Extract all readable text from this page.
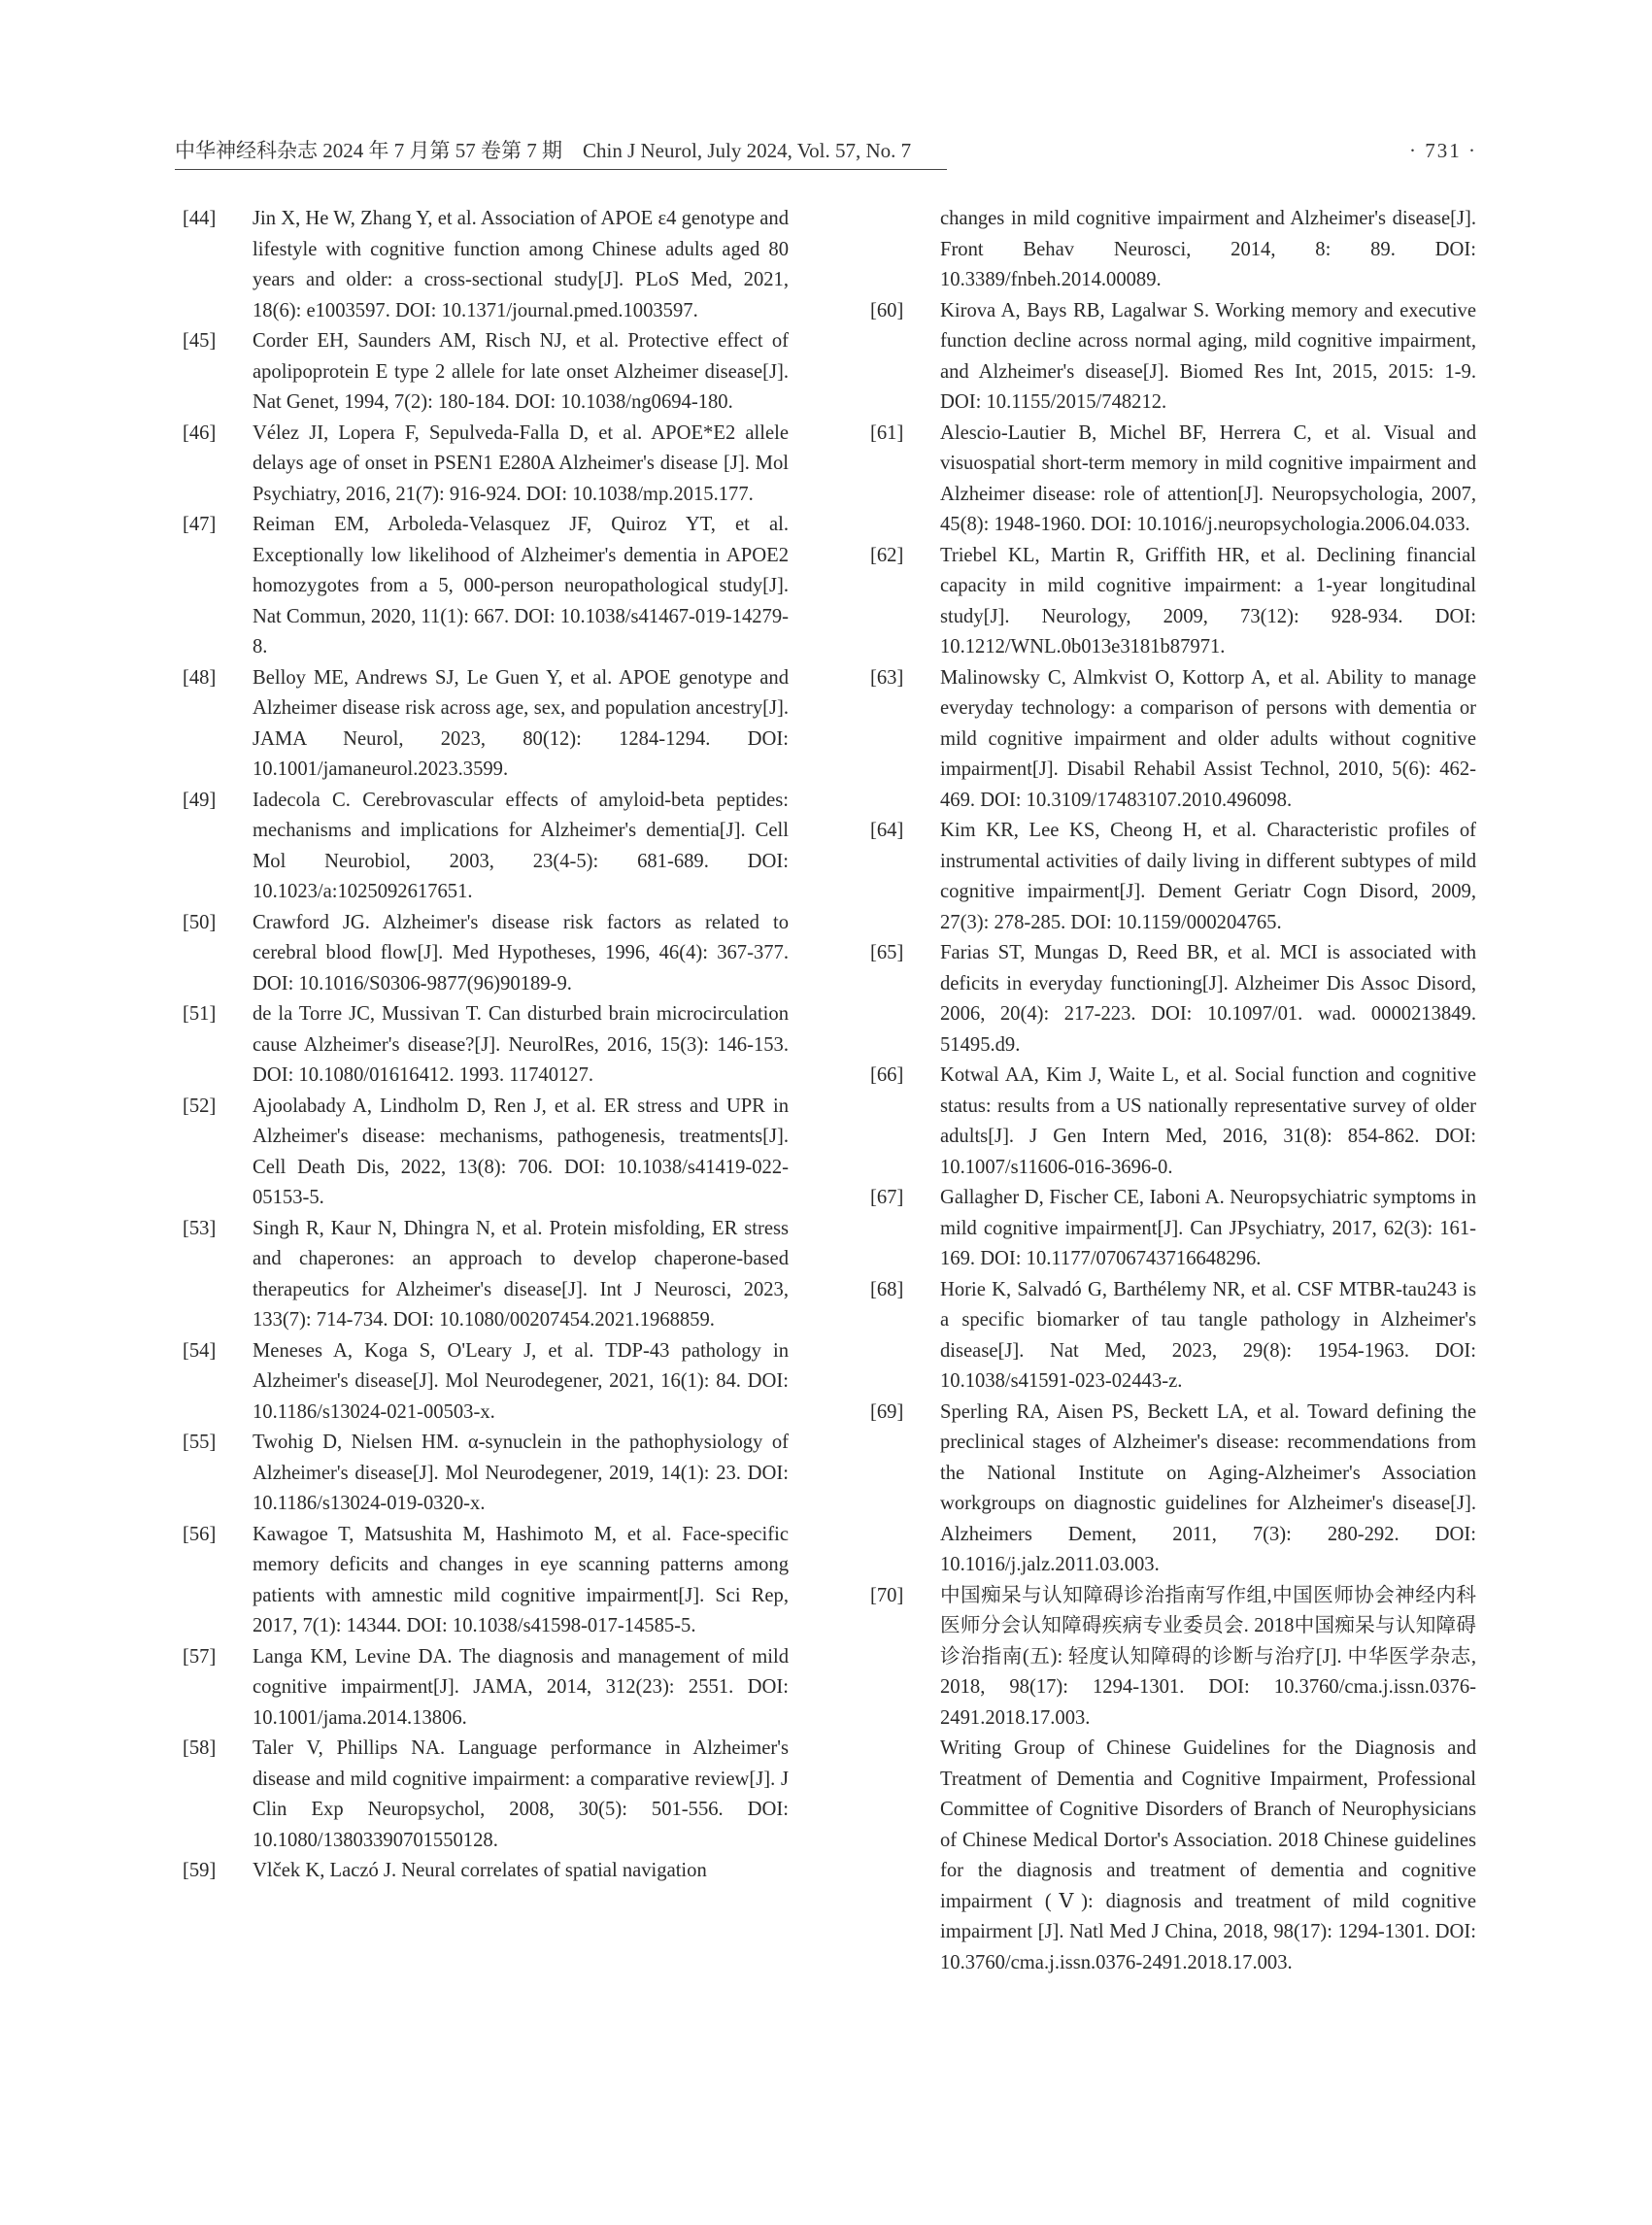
中华神经科杂志 2024 年 7 月第 57 卷第 7 期　Chin J Neurol, July 2024, Vol. 57, No. 7	· 731 ·
[44]	Jin X, He W, Zhang Y, et al. Association of APOE ε4 genotype and lifestyle with cognitive function among Chinese adults aged 80 years and older: a cross-sectional study[J]. PLoS Med, 2021, 18(6): e1003597. DOI: 10.1371/journal.pmed.1003597.
[45]	Corder EH, Saunders AM, Risch NJ, et al. Protective effect of apolipoprotein E type 2 allele for late onset Alzheimer disease[J]. Nat Genet, 1994, 7(2): 180-184. DOI: 10.1038/ng0694-180.
[46]	Vélez JI, Lopera F, Sepulveda-Falla D, et al. APOE*E2 allele delays age of onset in PSEN1 E280A Alzheimer's disease [J]. Mol Psychiatry, 2016, 21(7): 916-924. DOI: 10.1038/mp.2015.177.
[47]	Reiman EM, Arboleda-Velasquez JF, Quiroz YT, et al. Exceptionally low likelihood of Alzheimer's dementia in APOE2 homozygotes from a 5, 000-person neuropathological study[J]. Nat Commun, 2020, 11(1): 667. DOI: 10.1038/s41467-019-14279-8.
[48]	Belloy ME, Andrews SJ, Le Guen Y, et al. APOE genotype and Alzheimer disease risk across age, sex, and population ancestry[J]. JAMA Neurol, 2023, 80(12): 1284-1294. DOI: 10.1001/jamaneurol.2023.3599.
[49]	Iadecola C. Cerebrovascular effects of amyloid-beta peptides: mechanisms and implications for Alzheimer's dementia[J]. Cell Mol Neurobiol, 2003, 23(4-5): 681-689. DOI: 10.1023/a:1025092617651.
[50]	Crawford JG. Alzheimer's disease risk factors as related to cerebral blood flow[J]. Med Hypotheses, 1996, 46(4): 367-377. DOI: 10.1016/S0306-9877(96)90189-9.
[51]	de la Torre JC, Mussivan T. Can disturbed brain microcirculation cause Alzheimer's disease?[J]. NeurolRes, 2016, 15(3): 146-153. DOI: 10.1080/01616412. 1993. 11740127.
[52]	Ajoolabady A, Lindholm D, Ren J, et al. ER stress and UPR in Alzheimer's disease: mechanisms, pathogenesis, treatments[J]. Cell Death Dis, 2022, 13(8): 706. DOI: 10.1038/s41419-022-05153-5.
[53]	Singh R, Kaur N, Dhingra N, et al. Protein misfolding, ER stress and chaperones: an approach to develop chaperone-based therapeutics for Alzheimer's disease[J]. Int J Neurosci, 2023, 133(7): 714-734. DOI: 10.1080/00207454.2021.1968859.
[54]	Meneses A, Koga S, O'Leary J, et al. TDP-43 pathology in Alzheimer's disease[J]. Mol Neurodegener, 2021, 16(1): 84. DOI: 10.1186/s13024-021-00503-x.
[55]	Twohig D, Nielsen HM. α-synuclein in the pathophysiology of Alzheimer's disease[J]. Mol Neurodegener, 2019, 14(1): 23. DOI: 10.1186/s13024-019-0320-x.
[56]	Kawagoe T, Matsushita M, Hashimoto M, et al. Face-specific memory deficits and changes in eye scanning patterns among patients with amnestic mild cognitive impairment[J]. Sci Rep, 2017, 7(1): 14344. DOI: 10.1038/s41598-017-14585-5.
[57]	Langa KM, Levine DA. The diagnosis and management of mild cognitive impairment[J]. JAMA, 2014, 312(23): 2551. DOI: 10.1001/jama.2014.13806.
[58]	Taler V, Phillips NA. Language performance in Alzheimer's disease and mild cognitive impairment: a comparative review[J]. J Clin Exp Neuropsychol, 2008, 30(5): 501-556. DOI: 10.1080/13803390701550128.
[59]	Vlček K, Laczó J. Neural correlates of spatial navigation
changes in mild cognitive impairment and Alzheimer's disease[J]. Front Behav Neurosci, 2014, 8: 89. DOI: 10.3389/fnbeh.2014.00089.
[60]	Kirova A, Bays RB, Lagalwar S. Working memory and executive function decline across normal aging, mild cognitive impairment, and Alzheimer's disease[J]. Biomed Res Int, 2015, 2015: 1-9. DOI: 10.1155/2015/748212.
[61]	Alescio-Lautier B, Michel BF, Herrera C, et al. Visual and visuospatial short-term memory in mild cognitive impairment and Alzheimer disease: role of attention[J]. Neuropsychologia, 2007, 45(8): 1948-1960. DOI: 10.1016/j.neuropsychologia.2006.04.033.
[62]	Triebel KL, Martin R, Griffith HR, et al. Declining financial capacity in mild cognitive impairment: a 1-year longitudinal study[J]. Neurology, 2009, 73(12): 928-934. DOI: 10.1212/WNL.0b013e3181b87971.
[63]	Malinowsky C, Almkvist O, Kottorp A, et al. Ability to manage everyday technology: a comparison of persons with dementia or mild cognitive impairment and older adults without cognitive impairment[J]. Disabil Rehabil Assist Technol, 2010, 5(6): 462-469. DOI: 10.3109/17483107.2010.496098.
[64]	Kim KR, Lee KS, Cheong H, et al. Characteristic profiles of instrumental activities of daily living in different subtypes of mild cognitive impairment[J]. Dement Geriatr Cogn Disord, 2009, 27(3): 278-285. DOI: 10.1159/000204765.
[65]	Farias ST, Mungas D, Reed BR, et al. MCI is associated with deficits in everyday functioning[J]. Alzheimer Dis Assoc Disord, 2006, 20(4): 217-223. DOI: 10.1097/01. wad. 0000213849. 51495.d9.
[66]	Kotwal AA, Kim J, Waite L, et al. Social function and cognitive status: results from a US nationally representative survey of older adults[J]. J Gen Intern Med, 2016, 31(8): 854-862. DOI: 10.1007/s11606-016-3696-0.
[67]	Gallagher D, Fischer CE, Iaboni A. Neuropsychiatric symptoms in mild cognitive impairment[J]. Can JPsychiatry, 2017, 62(3): 161-169. DOI: 10.1177/0706743716648296.
[68]	Horie K, Salvadó G, Barthélemy NR, et al. CSF MTBR-tau243 is a specific biomarker of tau tangle pathology in Alzheimer's disease[J]. Nat Med, 2023, 29(8): 1954-1963. DOI: 10.1038/s41591-023-02443-z.
[69]	Sperling RA, Aisen PS, Beckett LA, et al. Toward defining the preclinical stages of Alzheimer's disease: recommendations from the National Institute on Aging-Alzheimer's Association workgroups on diagnostic guidelines for Alzheimer's disease[J]. Alzheimers Dement, 2011, 7(3): 280-292. DOI: 10.1016/j.jalz.2011.03.003.
[70]	中国痴呆与认知障碍诊治指南写作组,中国医师协会神经内科医师分会认知障碍疾病专业委员会. 2018中国痴呆与认知障碍诊治指南(五): 轻度认知障碍的诊断与治疗[J]. 中华医学杂志, 2018, 98(17): 1294-1301. DOI: 10.3760/cma.j.issn.0376-2491.2018.17.003.
Writing Group of Chinese Guidelines for the Diagnosis and Treatment of Dementia and Cognitive Impairment, Professional Committee of Cognitive Disorders of Branch of Neurophysicians of Chinese Medical Dortor's Association. 2018 Chinese guidelines for the diagnosis and treatment of dementia and cognitive impairment (Ⅴ): diagnosis and treatment of mild cognitive impairment [J]. Natl Med J China, 2018, 98(17): 1294-1301. DOI: 10.3760/cma.j.issn.0376-2491.2018.17.003.
